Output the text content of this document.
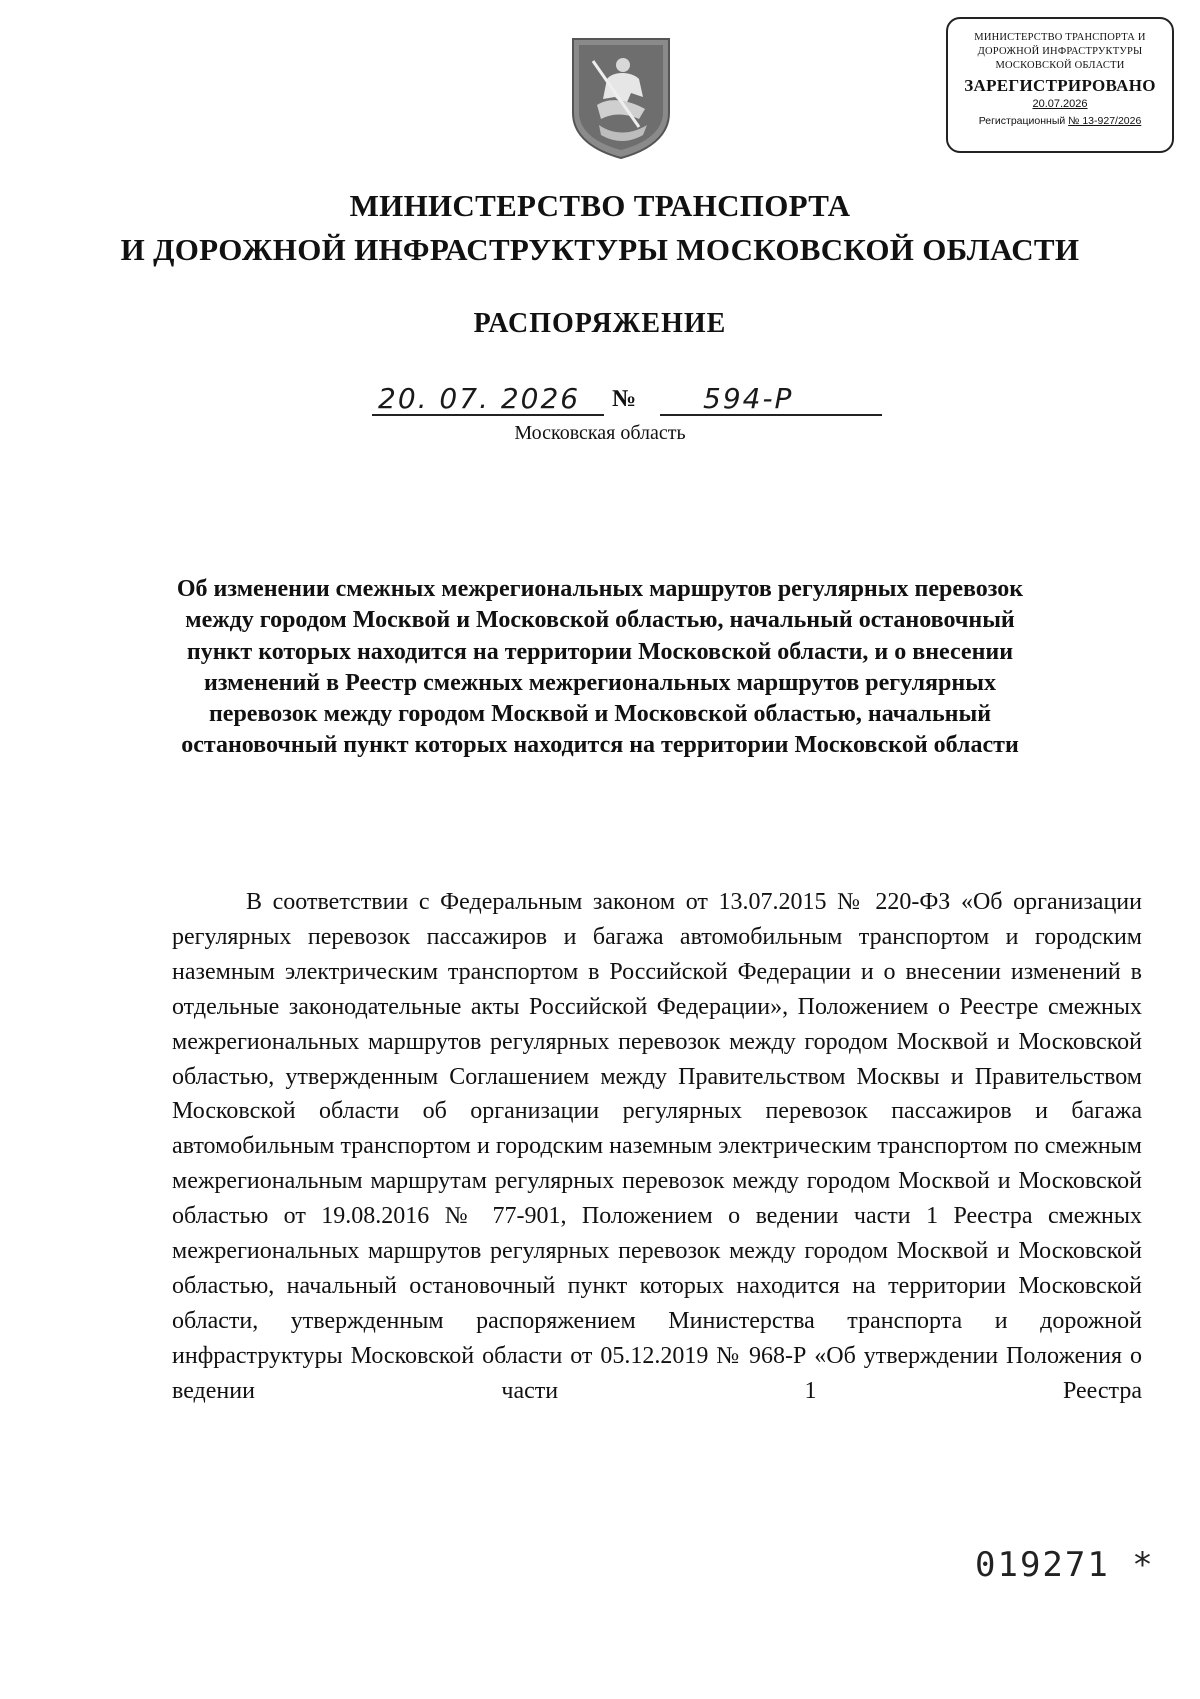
МИНИСТЕРСТВО ТРАНСПОРТА И
ДОРОЖНОЙ ИНФРАСТРУКТУРЫ
МОСКОВСКОЙ ОБЛАСТИ
ЗАРЕГИСТРИРОВАНО
20.07.2026
Регистрационный № 13-927/2026
МИНИСТЕРСТВО ТРАНСПОРТА
И ДОРОЖНОЙ ИНФРАСТРУКТУРЫ МОСКОВСКОЙ ОБЛАСТИ
РАСПОРЯЖЕНИЕ
20. 07. 2026 № 594-Р
Московская область
Об изменении смежных межрегиональных маршрутов регулярных перевозок между городом Москвой и Московской областью, начальный остановочный пункт которых находится на территории Московской области, и о внесении изменений в Реестр смежных межрегиональных маршрутов регулярных перевозок между городом Москвой и Московской областью, начальный остановочный пункт которых находится на территории Московской области
В соответствии с Федеральным законом от 13.07.2015 № 220-ФЗ «Об организации регулярных перевозок пассажиров и багажа автомобильным транспортом и городским наземным электрическим транспортом в Российской Федерации и о внесении изменений в отдельные законодательные акты Российской Федерации», Положением о Реестре смежных межрегиональных маршрутов регулярных перевозок между городом Москвой и Московской областью, утвержденным Соглашением между Правительством Москвы и Правительством Московской области об организации регулярных перевозок пассажиров и багажа автомобильным транспортом и городским наземным электрическим транспортом по смежным межрегиональным маршрутам регулярных перевозок между городом Москвой и Московской областью от 19.08.2016 № 77-901, Положением о ведении части 1 Реестра смежных межрегиональных маршрутов регулярных перевозок между городом Москвой и Московской областью, начальный остановочный пункт которых находится на территории Московской области, утвержденным распоряжением Министерства транспорта и дорожной инфраструктуры Московской области от 05.12.2019 № 968-Р «Об утверждении Положения о ведении части 1 Реестра
019271 *
